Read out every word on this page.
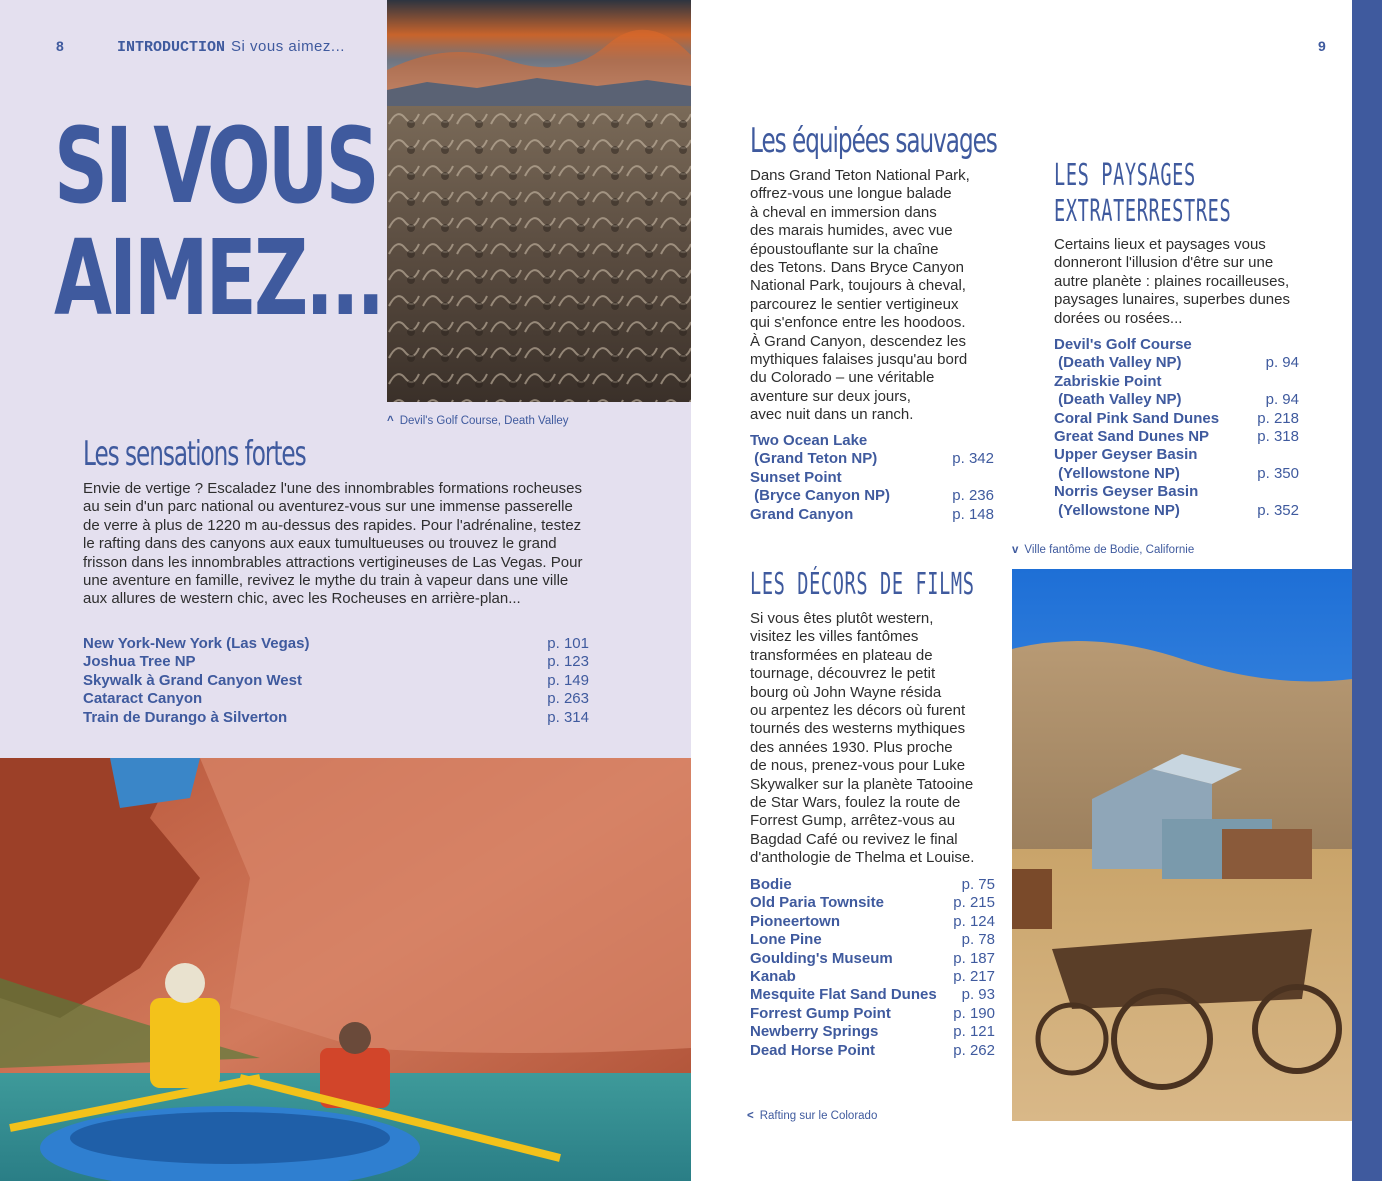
8	INTRODUCTION Si vous aimez...
SI VOUS
AIMEZ...
^ Devil's Golf Course, Death Valley
Les sensations fortes
Envie de vertige ? Escaladez l'une des innombrables formations rocheuses au sein d'un parc national ou aventurez-vous sur une immense passerelle de verre à plus de 1220 m au-dessus des rapides. Pour l'adrénaline, testez le rafting dans des canyons aux eaux tumultueuses ou trouvez le grand frisson dans les innombrables attractions vertigineuses de Las Vegas. Pour une aventure en famille, revivez le mythe du train à vapeur dans une ville aux allures de western chic, avec les Rocheuses en arrière-plan...
New York-New York (Las Vegas)	p. 101
Joshua Tree NP	p. 123
Skywalk à Grand Canyon West	p. 149
Cataract Canyon	p. 263
Train de Durango à Silverton	p. 314
9
Les équipées sauvages
Dans Grand Teton National Park,
offrez-vous une longue balade
à cheval en immersion dans
des marais humides, avec vue
époustouflante sur la chaîne
des Tetons. Dans Bryce Canyon
National Park, toujours à cheval,
parcourez le sentier vertigineux
qui s'enfonce entre les hoodoos.
À Grand Canyon, descendez les
mythiques falaises jusqu'au bord
du Colorado – une véritable
aventure sur deux jours,
avec nuit dans un ranch.
Two Ocean Lake
(Grand Teton NP)	p. 342
Sunset Point
(Bryce Canyon NP)	p. 236
Grand Canyon	p. 148
LES PAYSAGES
EXTRATERRESTRES
Certains lieux et paysages vous
donneront l'illusion d'être sur une
autre planète : plaines rocailleuses,
paysages lunaires, superbes dunes
dorées ou rosées...
Devil's Golf Course
(Death Valley NP)	p. 94
Zabriskie Point
(Death Valley NP)	p. 94
Coral Pink Sand Dunes	p. 218
Great Sand Dunes NP	p. 318
Upper Geyser Basin
(Yellowstone NP)	p. 350
Norris Geyser Basin
(Yellowstone NP)	p. 352
v Ville fantôme de Bodie, Californie
LES DÉCORS DE FILMS
Si vous êtes plutôt western,
visitez les villes fantômes
transformées en plateau de
tournage, découvrez le petit
bourg où John Wayne résida
ou arpentez les décors où furent
tournés des westerns mythiques
des années 1930. Plus proche
de nous, prenez-vous pour Luke
Skywalker sur la planète Tatooine
de Star Wars, foulez la route de
Forrest Gump, arrêtez-vous au
Bagdad Café ou revivez le final
d'anthologie de Thelma et Louise.
Bodie	p. 75
Old Paria Townsite	p. 215
Pioneertown	p. 124
Lone Pine	p. 78
Goulding's Museum	p. 187
Kanab	p. 217
Mesquite Flat Sand Dunes p. 93
Forrest Gump Point	p. 190
Newberry Springs	p. 121
Dead Horse Point	p. 262
< Rafting sur le Colorado
